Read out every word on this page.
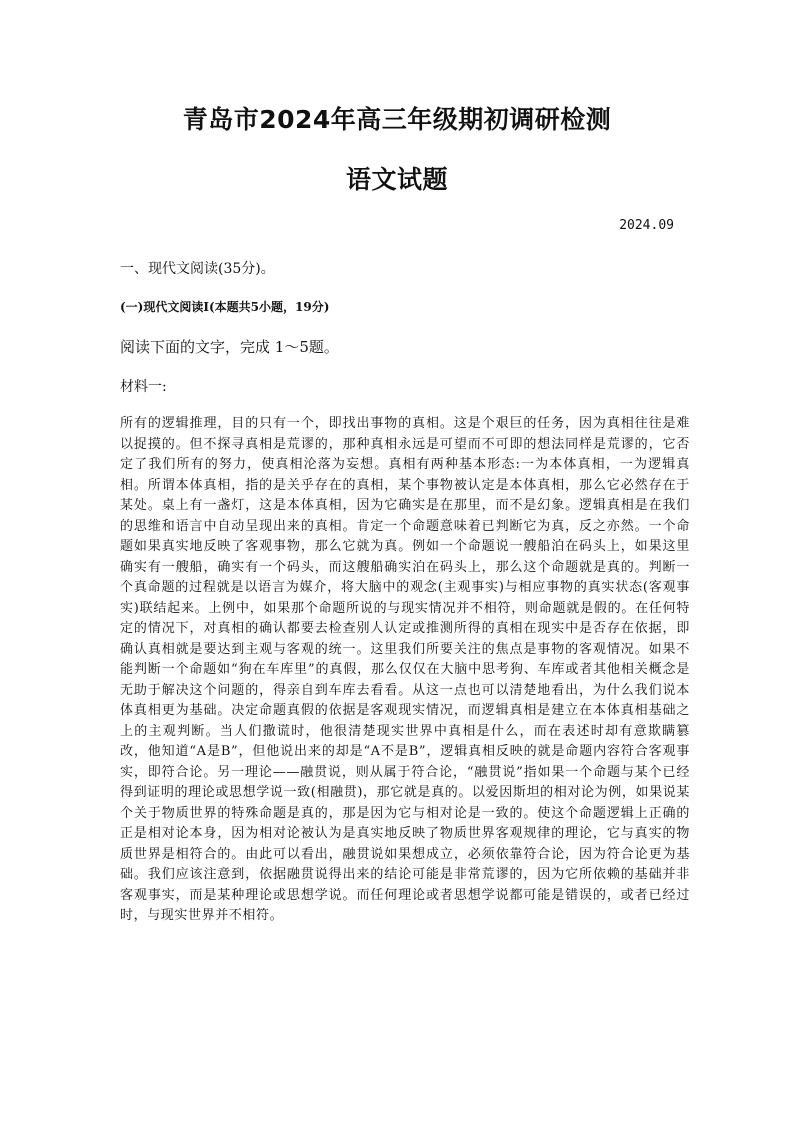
青岛市2024年高三年级期初调研检测
语文试题
2024.09

一、现代文阅读(35分)。

(一)现代文阅读Ⅰ(本题共5小题，19分)

阅读下面的文字，完成 1～5题。

材料一:

所有的逻辑推理，目的只有一个，即找出事物的真相。这是个艰巨的任务，因为真相往往是难以捉摸的。但不探寻真相是荒谬的，那种真相永远是可望而不可即的想法同样是荒谬的，它否定了我们所有的努力，使真相沦落为妄想。真相有两种基本形态:一为本体真相，一为逻辑真相。所谓本体真相，指的是关乎存在的真相，某个事物被认定是本体真相，那么它必然存在于某处。桌上有一盏灯，这是本体真相，因为它确实是在那里，而不是幻象。逻辑真相是在我们的思维和语言中自动呈现出来的真相。肯定一个命题意味着已判断它为真，反之亦然。一个命题如果真实地反映了客观事物，那么它就为真。例如一个命题说一艘船泊在码头上，如果这里确实有一艘船，确实有一个码头，而这艘船确实泊在码头上，那么这个命题就是真的。判断一个真命题的过程就是以语言为媒介，将大脑中的观念(主观事实)与相应事物的真实状态(客观事实)联结起来。上例中，如果那个命题所说的与现实情况并不相符，则命题就是假的。在任何特定的情况下，对真相的确认都要去检查别人认定或推测所得的真相在现实中是否存在依据，即确认真相就是要达到主观与客观的统一。这里我们所要关注的焦点是事物的客观情况。如果不能判断一个命题如“狗在车库里”的真假，那么仅仅在大脑中思考狗、车库或者其他相关概念是无助于解决这个问题的，得亲自到车库去看看。从这一点也可以清楚地看出，为什么我们说本体真相更为基础。决定命题真假的依据是客观现实情况，而逻辑真相是建立在本体真相基础之上的主观判断。当人们撒谎时，他很清楚现实世界中真相是什么，而在表述时却有意欺瞒篡改，他知道“A是B”，但他说出来的却是“A不是B”，逻辑真相反映的就是命题内容符合客观事实，即符合论。另一理论——融贯说，则从属于符合论，“融贯说”指如果一个命题与某个已经得到证明的理论或思想学说一致(相融贯)，那它就是真的。以爱因斯坦的相对论为例，如果说某个关于物质世界的特殊命题是真的，那是因为它与相对论是一致的。使这个命题逻辑上正确的正是相对论本身，因为相对论被认为是真实地反映了物质世界客观规律的理论，它与真实的物质世界是相符合的。由此可以看出，融贯说如果想成立，必须依靠符合论，因为符合论更为基础。我们应该注意到，依据融贯说得出来的结论可能是非常荒谬的，因为它所依赖的基础并非客观事实，而是某种理论或思想学说。而任何理论或者思想学说都可能是错误的，或者已经过时，与现实世界并不相符。
